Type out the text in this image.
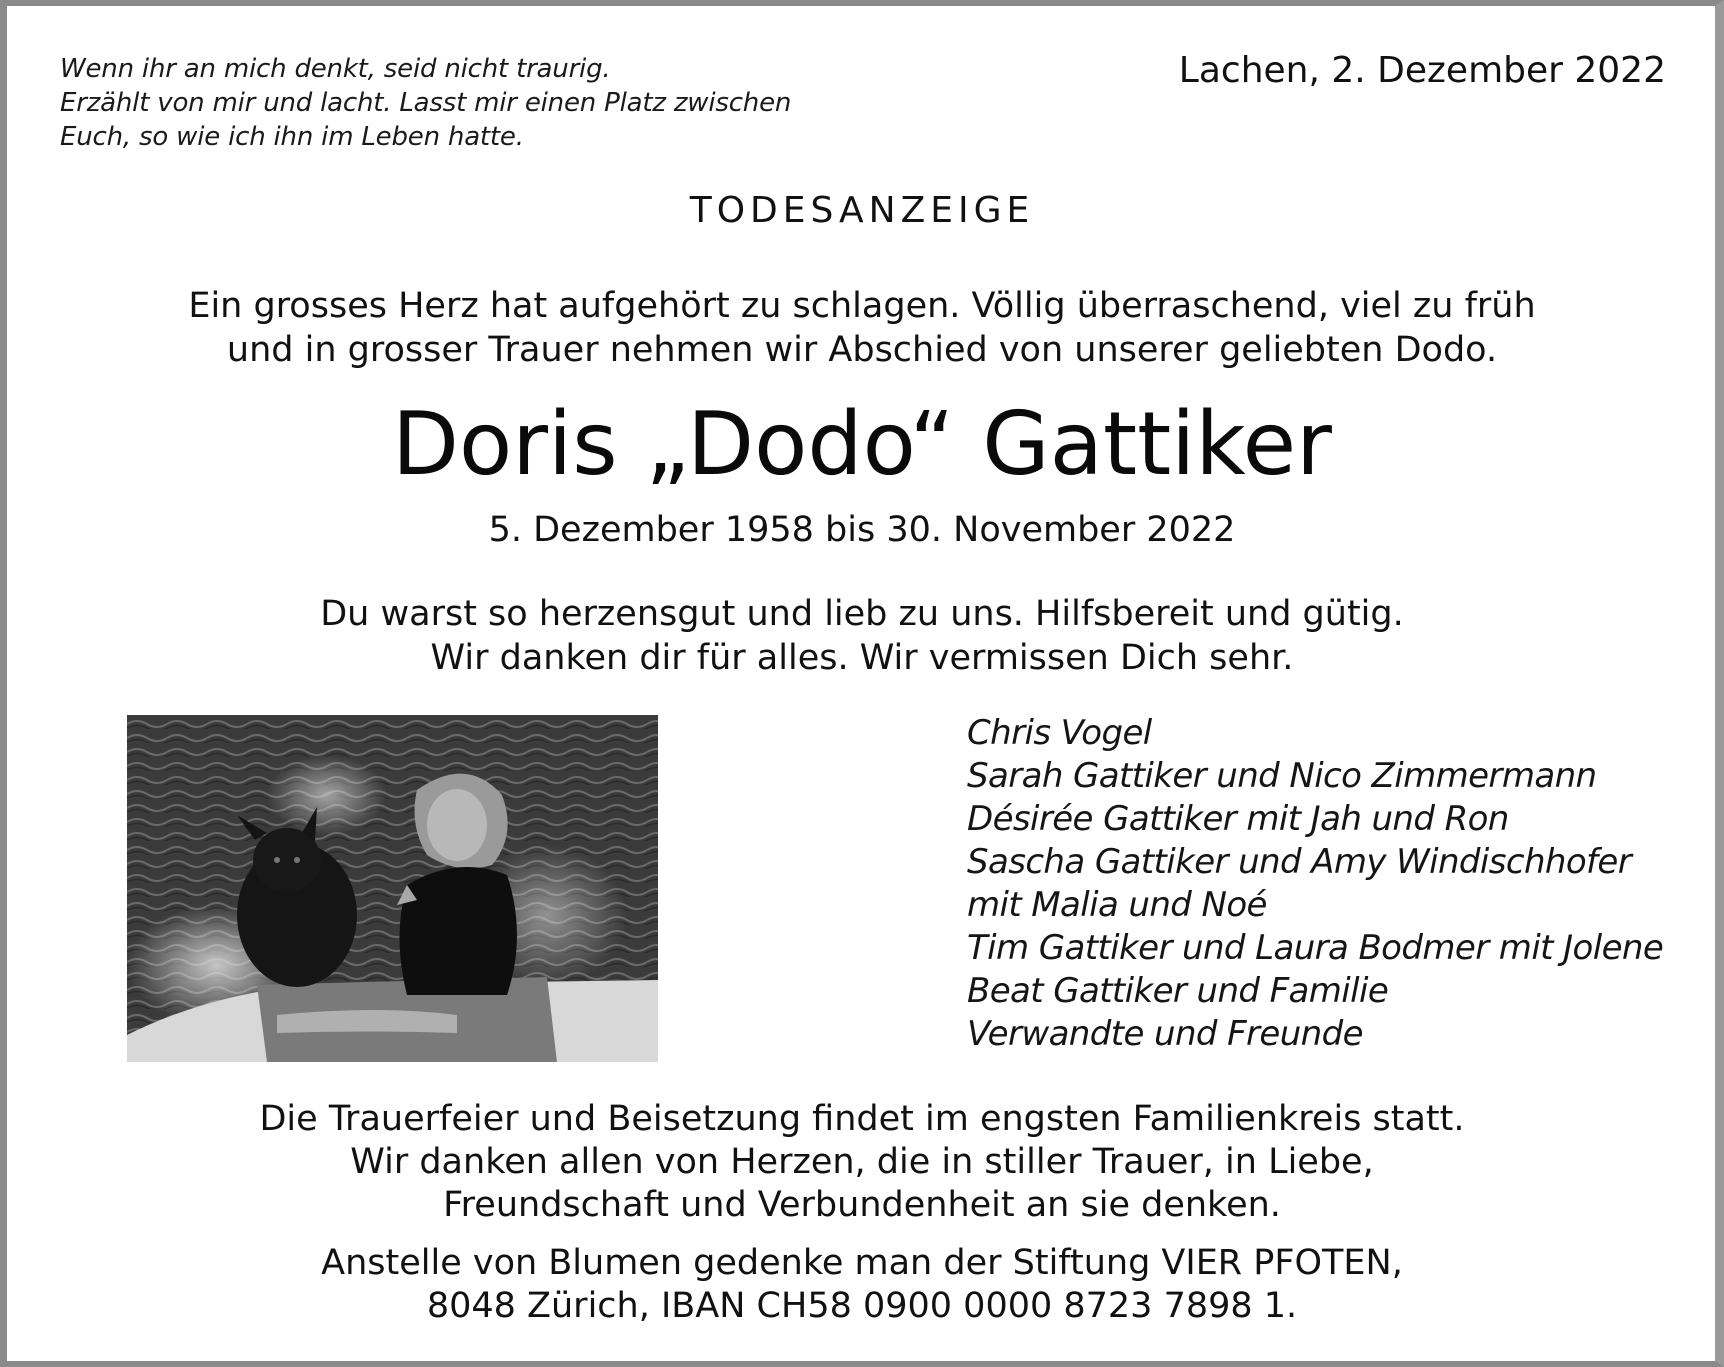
Wenn ihr an mich denkt, seid nicht traurig.
Erzählt von mir und lacht. Lasst mir einen Platz zwischen
Euch, so wie ich ihn im Leben hatte.
Lachen, 2. Dezember 2022
TODESANZEIGE
Ein grosses Herz hat aufgehört zu schlagen. Völlig überraschend, viel zu früh
und in grosser Trauer nehmen wir Abschied von unserer geliebten Dodo.
Doris „Dodo“ Gattiker
5. Dezember 1958 bis 30. November 2022
Du warst so herzensgut und lieb zu uns. Hilfsbereit und gütig.
Wir danken dir für alles. Wir vermissen Dich sehr.
Chris Vogel
Sarah Gattiker und Nico Zimmermann
Désirée Gattiker mit Jah und Ron
Sascha Gattiker und Amy Windischhofer
mit Malia und Noé
Tim Gattiker und Laura Bodmer mit Jolene
Beat Gattiker und Familie
Verwandte und Freunde
Die Trauerfeier und Beisetzung findet im engsten Familienkreis statt.
Wir danken allen von Herzen, die in stiller Trauer, in Liebe,
Freundschaft und Verbundenheit an sie denken.
Anstelle von Blumen gedenke man der Stiftung VIER PFOTEN,
8048 Zürich, IBAN CH58 0900 0000 8723 7898 1.
